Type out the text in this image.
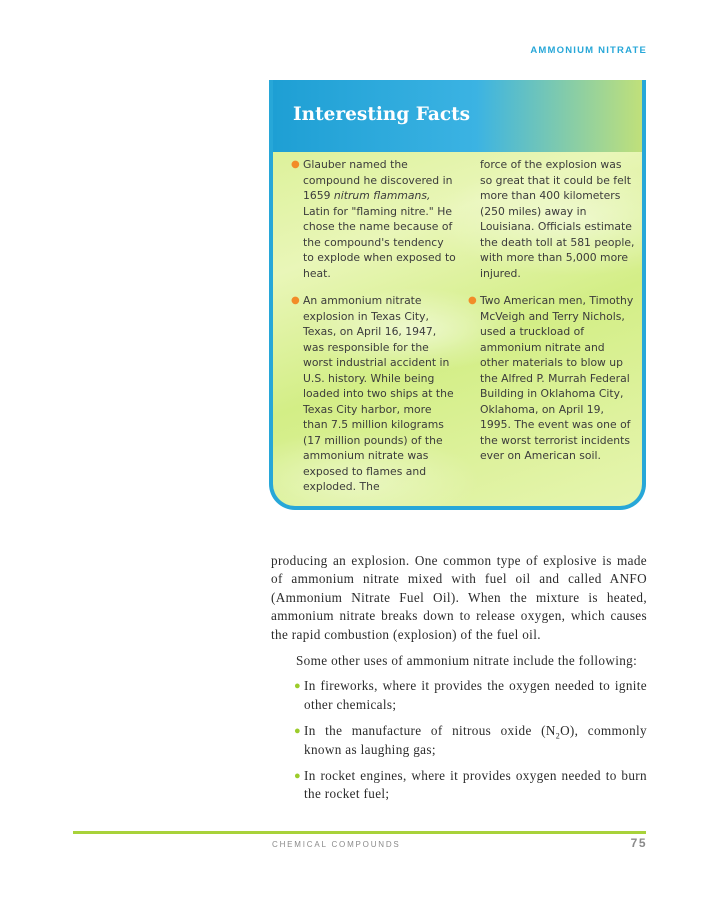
AMMONIUM NITRATE
Interesting Facts
● Glauber named the compound he discovered in 1659 nitrum flammans, Latin for "flaming nitre." He chose the name because of the compound's tendency to explode when exposed to heat.

● An ammonium nitrate explosion in Texas City, Texas, on April 16, 1947, was responsible for the worst industrial accident in U.S. history. While being loaded into two ships at the Texas City harbor, more than 7.5 million kilograms (17 million pounds) of the ammonium nitrate was exposed to flames and exploded. The

force of the explosion was so great that it could be felt more than 400 kilometers (250 miles) away in Louisiana. Officials estimate the death toll at 581 people, with more than 5,000 more injured.

● Two American men, Timothy McVeigh and Terry Nichols, used a truckload of ammonium nitrate and other materials to blow up the Alfred P. Murrah Federal Building in Oklahoma City, Oklahoma, on April 19, 1995. The event was one of the worst terrorist incidents ever on American soil.

producing an explosion. One common type of explosive is made of ammonium nitrate mixed with fuel oil and called ANFO (Ammonium Nitrate Fuel Oil). When the mixture is heated, ammonium nitrate breaks down to release oxygen, which causes the rapid combustion (explosion) of the fuel oil.

Some other uses of ammonium nitrate include the following:

● In fireworks, where it provides the oxygen needed to ignite other chemicals;
● In the manufacture of nitrous oxide $(N_2O)$, commonly known as laughing gas;
● In rocket engines, where it provides oxygen needed to burn the rocket fuel;
CHEMICAL COMPOUNDS	75
